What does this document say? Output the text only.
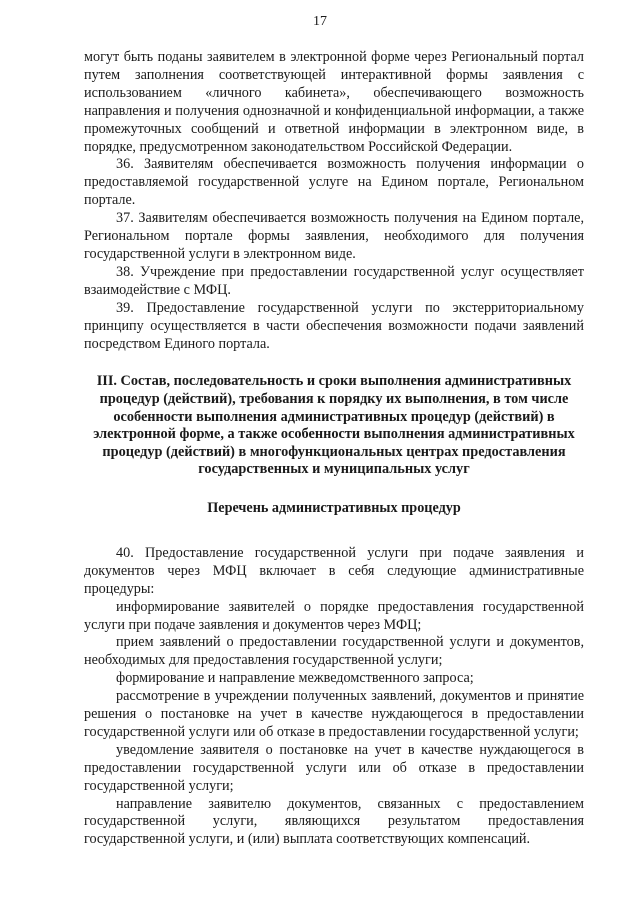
17

могут быть поданы заявителем в электронной форме через Региональный портал путем заполнения соответствующей интерактивной формы заявления с использованием «личного кабинета», обеспечивающего возможность направления и получения однозначной и конфиденциальной информации, а также промежуточных сообщений и ответной информации в электронном виде, в порядке, предусмотренном законодательством Российской Федерации.

36. Заявителям обеспечивается возможность получения информации о предоставляемой государственной услуге на Едином портале, Региональном портале.

37. Заявителям обеспечивается возможность получения на Едином портале, Региональном портале формы заявления, необходимого для получения государственной услуги в электронном виде.

38. Учреждение при предоставлении государственной услуг осуществляет взаимодействие с МФЦ.

39. Предоставление государственной услуги по экстерриториальному принципу осуществляется в части обеспечения возможности подачи заявлений посредством Единого портала.

III. Состав, последовательность и сроки выполнения административных процедур (действий), требования к порядку их выполнения, в том числе особенности выполнения административных процедур (действий) в электронной форме, а также особенности выполнения административных процедур (действий) в многофункциональных центрах предоставления государственных и муниципальных услуг
Перечень административных процедур

40. Предоставление государственной услуги при подаче заявления и документов через МФЦ включает в себя следующие административные процедуры:

информирование заявителей о порядке предоставления государственной услуги при подаче заявления и документов через МФЦ;

прием заявлений о предоставлении государственной услуги и документов, необходимых для предоставления государственной услуги;

формирование и направление межведомственного запроса;

рассмотрение в учреждении полученных заявлений, документов и принятие решения о постановке на учет в качестве нуждающегося в предоставлении государственной услуги или об отказе в предоставлении государственной услуги;

уведомление заявителя о постановке на учет в качестве нуждающегося в предоставлении государственной услуги или об отказе в предоставлении государственной услуги;

направление заявителю документов, связанных с предоставлением государственной услуги, являющихся результатом предоставления государственной услуги, и (или) выплата соответствующих компенсаций.
